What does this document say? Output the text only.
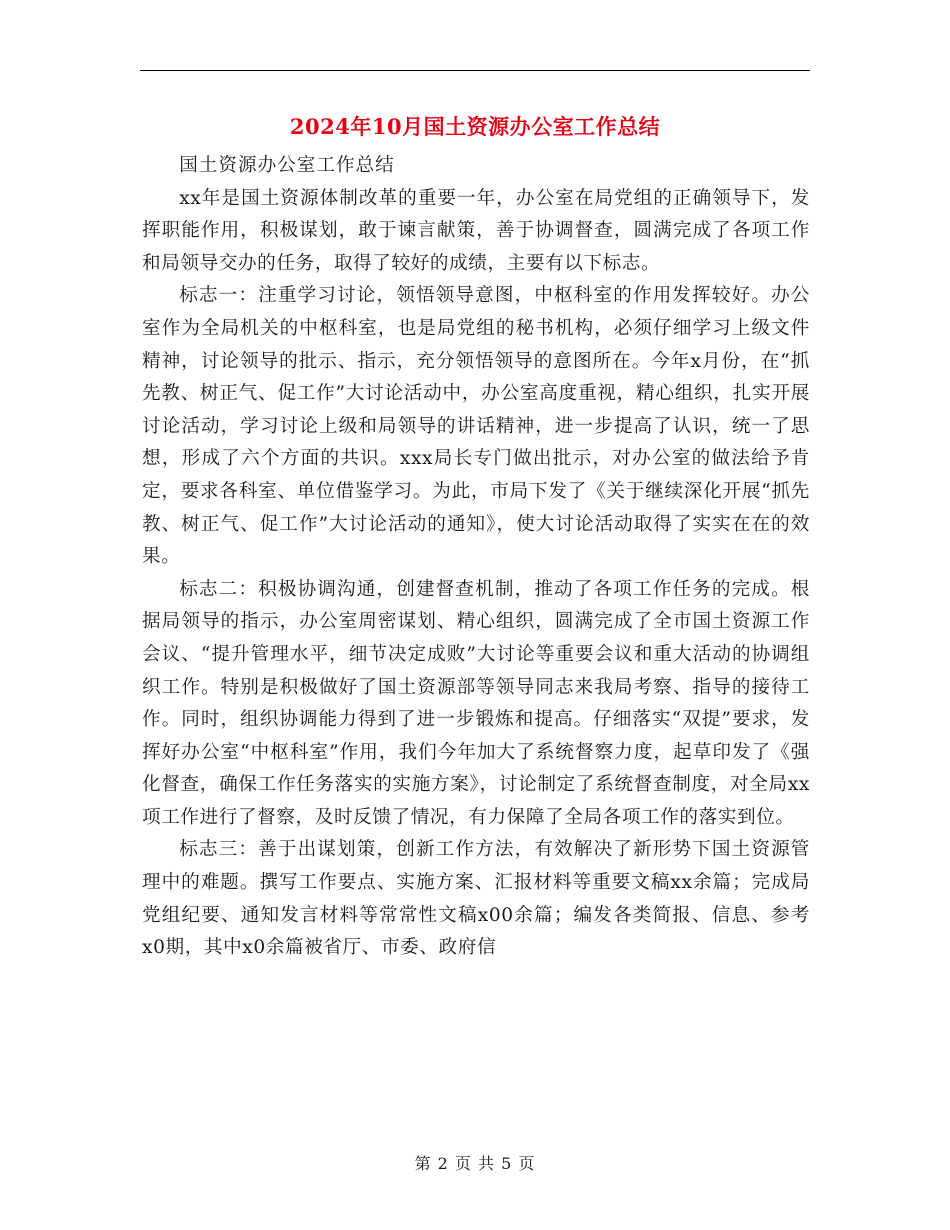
2024年10月国土资源办公室工作总结

国土资源办公室工作总结

xx年是国土资源体制改革的重要一年，办公室在局党组的正确领导下，发挥职能作用，积极谋划，敢于谏言献策，善于协调督查，圆满完成了各项工作和局领导交办的任务，取得了较好的成绩，主要有以下标志。

标志一：注重学习讨论，领悟领导意图，中枢科室的作用发挥较好。办公室作为全局机关的中枢科室，也是局党组的秘书机构，必须仔细学习上级文件精神，讨论领导的批示、指示，充分领悟领导的意图所在。今年x月份，在“抓先教、树正气、促工作”大讨论活动中，办公室高度重视，精心组织，扎实开展讨论活动，学习讨论上级和局领导的讲话精神，进一步提高了认识，统一了思想，形成了六个方面的共识。xxx局长专门做出批示，对办公室的做法给予肯定，要求各科室、单位借鉴学习。为此，市局下发了《关于继续深化开展“抓先教、树正气、促工作”大讨论活动的通知》，使大讨论活动取得了实实在在的效果。

标志二：积极协调沟通，创建督查机制，推动了各项工作任务的完成。根据局领导的指示，办公室周密谋划、精心组织，圆满完成了全市国土资源工作会议、“提升管理水平，细节决定成败”大讨论等重要会议和重大活动的协调组织工作。特别是积极做好了国土资源部等领导同志来我局考察、指导的接待工作。同时，组织协调能力得到了进一步锻炼和提高。仔细落实“双提”要求，发挥好办公室“中枢科室”作用，我们今年加大了系统督察力度，起草印发了《强化督查，确保工作任务落实的实施方案》，讨论制定了系统督查制度，对全局xx项工作进行了督察，及时反馈了情况，有力保障了全局各项工作的落实到位。

标志三：善于出谋划策，创新工作方法，有效解决了新形势下国土资源管理中的难题。撰写工作要点、实施方案、汇报材料等重要文稿xx余篇；完成局党组纪要、通知发言材料等常常性文稿x00余篇；编发各类简报、信息、参考x0期，其中x0余篇被省厅、市委、政府信

第 2 页 共 5 页
